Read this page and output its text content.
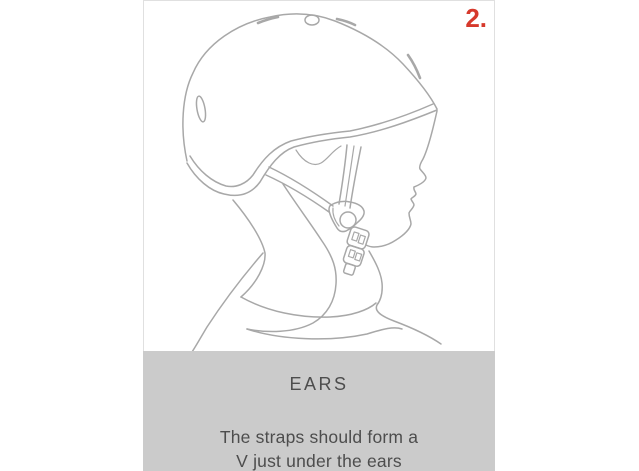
2.
EARS
The straps should form a
V just under the ears
